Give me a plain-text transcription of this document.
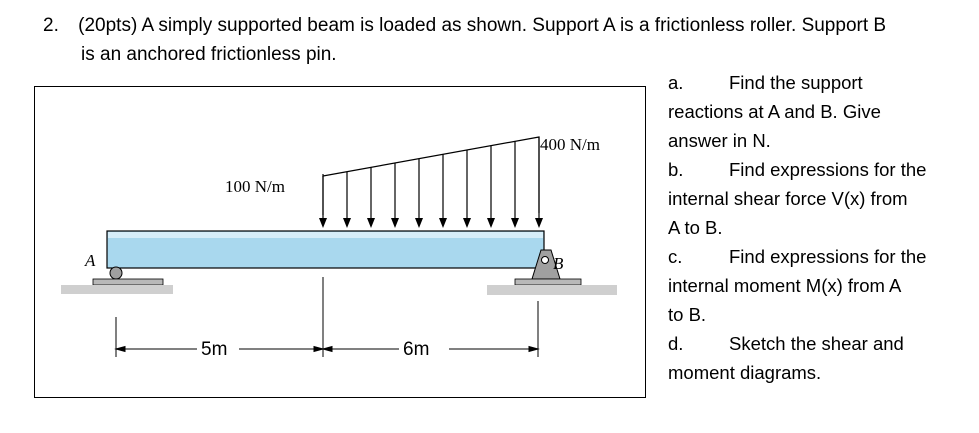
2. (20pts) A simply supported beam is loaded as shown. Support A is a frictionless roller. Support B
is an anchored frictionless pin.
A	B
100 N/m
400 N/m
5m	6m
a.	Find the support
reactions at A and B. Give
answer in N.
b.	Find expressions for the
internal shear force V(x) from
A to B.
c.	Find expressions for the
internal moment M(x) from A
to B.
d.	Sketch the shear and
moment diagrams.
